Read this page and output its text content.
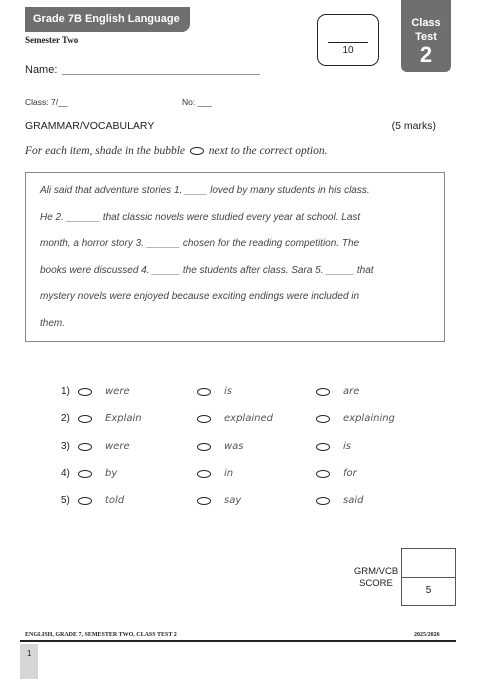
Grade 7B English Language
Semester Two
10
Class
Test
2
Name:
Class: 7/__	No: ___
GRAMMAR/VOCABULARY	(5 marks)
For each item, shade in the bubble next to the correct option.
Ali said that adventure stories 1. ____ loved by many students in his class.
He 2. ______ that classic novels were studied every year at school. Last
month, a horror story 3. ______ chosen for the reading competition. The
books were discussed 4. _____ the students after class. Sara 5. _____ that
mystery novels were enjoyed because exciting endings were included in
them.
1)	were	is	are
2)	Explain	explained	explaining
3)	were	was	is
4)	by	in	for
5)	told	say	said
GRM/VCB
SCORE
5
ENGLISH, GRADE 7, SEMESTER TWO, CLASS TEST 2	2025/2026
1
